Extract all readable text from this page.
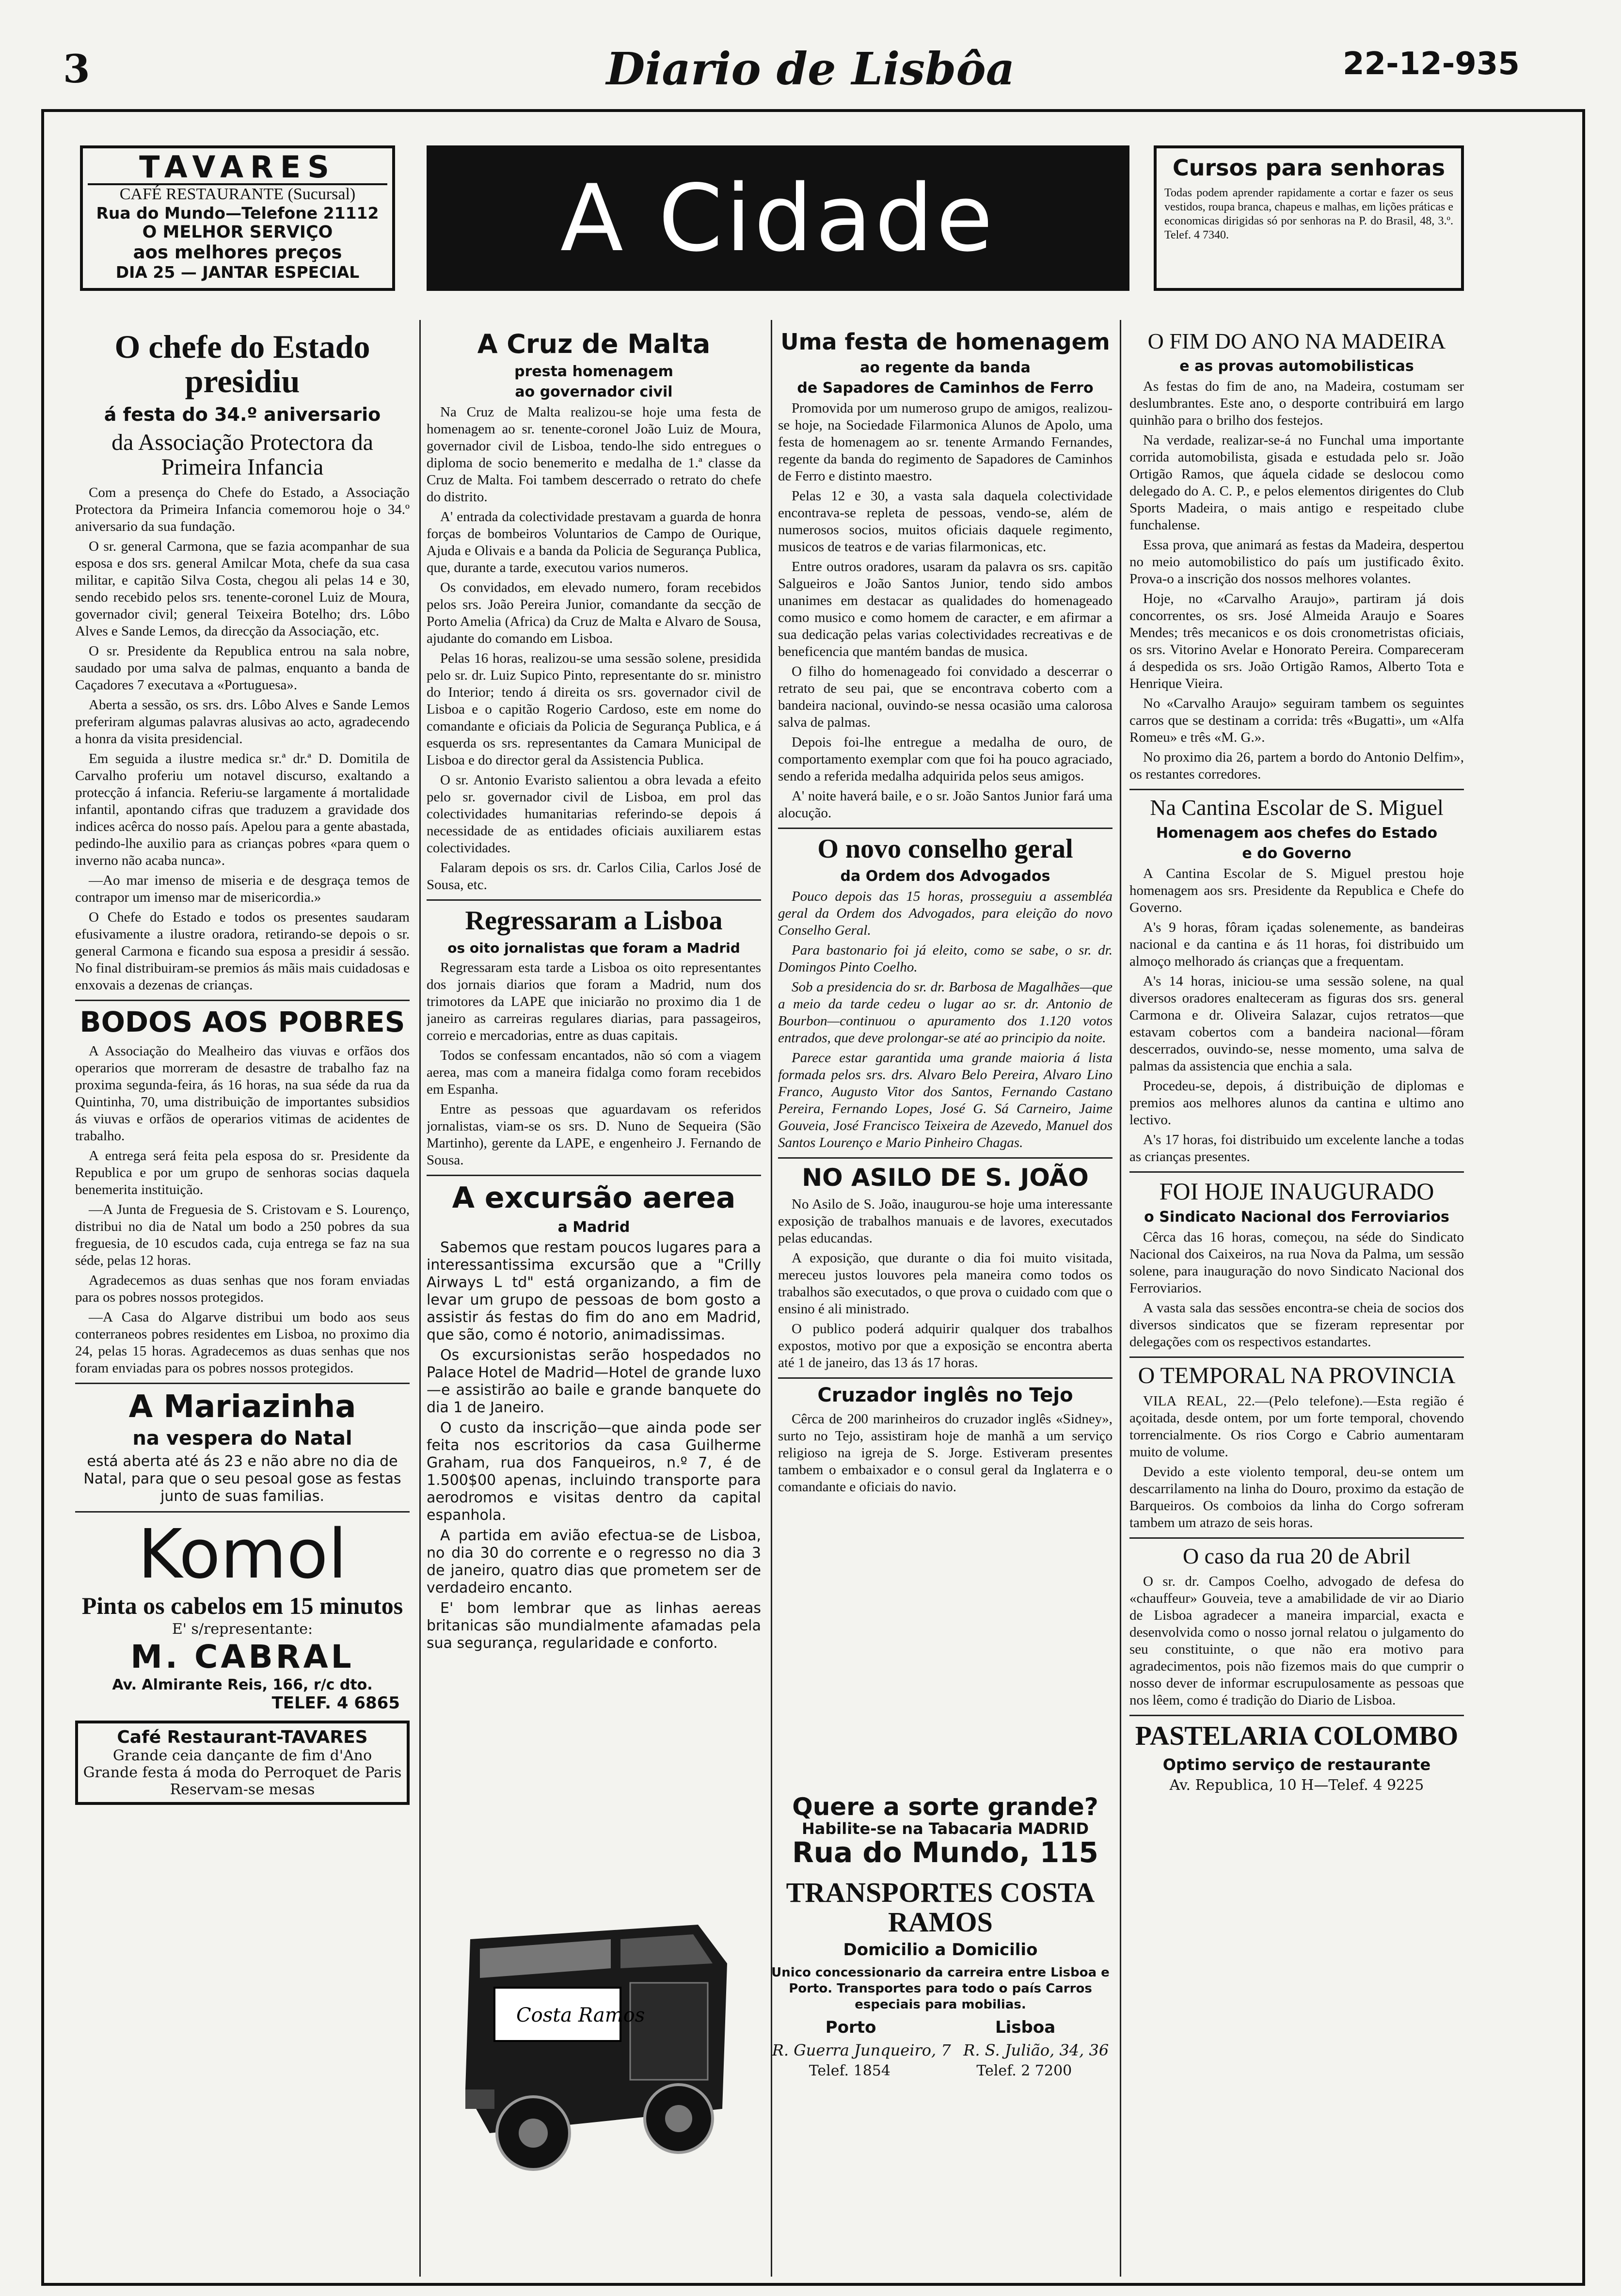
3	Diario de Lisbôa	22-12-935
TAVARES
CAFÉ RESTAURANTE (Sucursal)
Rua do Mundo—Telefone 21112
O MELHOR SERVIÇO
aos melhores preços
DIA 25 — JANTAR ESPECIAL
A Cidade	Cursos para senhoras
Todas podem aprender rapidamente a cortar e fazer os seus vestidos, roupa branca, chapeus e malhas, em lições práticas e economicas dirigidas só por senhoras na P. do Brasil, 48, 3.º. Telef. 4 7340.
O chefe do Estado presidiu
á festa do 34.º aniversario
da Associação Protectora da Primeira Infancia

Com a presença do Chefe do Estado, a Associação Protectora da Primeira Infancia comemorou hoje o 34.º aniversario da sua fundação.

O sr. general Carmona, que se fazia acompanhar de sua esposa e dos srs. general Amilcar Mota, chefe da sua casa militar, e capitão Silva Costa, chegou ali pelas 14 e 30, sendo recebido pelos srs. tenente-coronel Luiz de Moura, governador civil; general Teixeira Botelho; drs. Lôbo Alves e Sande Lemos, da direcção da Associação, etc.

O sr. Presidente da Republica entrou na sala nobre, saudado por uma salva de palmas, enquanto a banda de Caçadores 7 executava a «Portuguesa».

Aberta a sessão, os srs. drs. Lôbo Alves e Sande Lemos preferiram algumas palavras alusivas ao acto, agradecendo a honra da visita presidencial.

Em seguida a ilustre medica sr.ª dr.ª D. Domitila de Carvalho proferiu um notavel discurso, exaltando a protecção á infancia. Referiu-se largamente á mortalidade infantil, apontando cifras que traduzem a gravidade dos indices acêrca do nosso país. Apelou para a gente abastada, pedindo-lhe auxilio para as crianças pobres «para quem o inverno não acaba nunca».

—Ao mar imenso de miseria e de desgraça temos de contrapor um imenso mar de misericordia.»

O Chefe do Estado e todos os presentes saudaram efusivamente a ilustre oradora, retirando-se depois o sr. general Carmona e ficando sua esposa a presidir á sessão. No final distribuiram-se premios ás mãis mais cuidadosas e enxovais a dezenas de crianças.

BODOS AOS POBRES

A Associação do Mealheiro das viuvas e orfãos dos operarios que morreram de desastre de trabalho faz na proxima segunda-feira, ás 16 horas, na sua séde da rua da Quintinha, 70, uma distribuição de importantes subsidios ás viuvas e orfãos de operarios vitimas de acidentes de trabalho.

A entrega será feita pela esposa do sr. Presidente da Republica e por um grupo de senhoras socias daquela benemerita instituição.

—A Junta de Freguesia de S. Cristovam e S. Lourenço, distribui no dia de Natal um bodo a 250 pobres da sua freguesia, de 10 escudos cada, cuja entrega se faz na sua séde, pelas 12 horas.

Agradecemos as duas senhas que nos foram enviadas para os pobres nossos protegidos.

—A Casa do Algarve distribui um bodo aos seus conterraneos pobres residentes em Lisboa, no proximo dia 24, pelas 15 horas. Agradecemos as duas senhas que nos foram enviadas para os pobres nossos protegidos.

A Mariazinha
na vespera do Natal
está aberta até ás 23 e não abre no dia de Natal, para que o seu pesoal gose as festas junto de suas familias.
Komol
Pinta os cabelos em 15 minutos
E' s/representante:
M. CABRAL
Av. Almirante Reis, 166, r/c dto.
TELEF. 4 6865
Café Restaurant-TAVARES
Grande ceia dançante de fim d'Ano
Grande festa á moda do Perroquet de Paris
Reservam-se mesas
A Cruz de Malta
presta homenagem
ao governador civil

Na Cruz de Malta realizou-se hoje uma festa de homenagem ao sr. tenente-coronel João Luiz de Moura, governador civil de Lisboa, tendo-lhe sido entregues o diploma de socio benemerito e medalha de 1.ª classe da Cruz de Malta. Foi tambem descerrado o retrato do chefe do distrito.

A' entrada da colectividade prestavam a guarda de honra forças de bombeiros Voluntarios de Campo de Ourique, Ajuda e Olivais e a banda da Policia de Segurança Publica, que, durante a tarde, executou varios numeros.

Os convidados, em elevado numero, foram recebidos pelos srs. João Pereira Junior, comandante da secção de Porto Amelia (Africa) da Cruz de Malta e Alvaro de Sousa, ajudante do comando em Lisboa.

Pelas 16 horas, realizou-se uma sessão solene, presidida pelo sr. dr. Luiz Supico Pinto, representante do sr. ministro do Interior; tendo á direita os srs. governador civil de Lisboa e o capitão Rogerio Cardoso, este em nome do comandante e oficiais da Policia de Segurança Publica, e á esquerda os srs. representantes da Camara Municipal de Lisboa e do director geral da Assistencia Publica.

O sr. Antonio Evaristo salientou a obra levada a efeito pelo sr. governador civil de Lisboa, em prol das colectividades humanitarias referindo-se depois á necessidade de as entidades oficiais auxiliarem estas colectividades.

Falaram depois os srs. dr. Carlos Cilia, Carlos José de Sousa, etc.

Regressaram a Lisboa
os oito jornalistas que foram a Madrid

Regressaram esta tarde a Lisboa os oito representantes dos jornais diarios que foram a Madrid, num dos trimotores da LAPE que iniciarão no proximo dia 1 de janeiro as carreiras regulares diarias, para passageiros, correio e mercadorias, entre as duas capitais.

Todos se confessam encantados, não só com a viagem aerea, mas com a maneira fidalga como foram recebidos em Espanha.

Entre as pessoas que aguardavam os referidos jornalistas, viam-se os srs. D. Nuno de Sequeira (São Martinho), gerente da LAPE, e engenheiro J. Fernando de Sousa.

A excursão aerea
a Madrid

Sabemos que restam poucos lugares para a interessantissima excursão que a "Crilly Airways L td" está organizando, a fim de levar um grupo de pessoas de bom gosto a assistir ás festas do fim do ano em Madrid, que são, como é notorio, animadissimas.

Os excursionistas serão hospedados no Palace Hotel de Madrid—Hotel de grande luxo—e assistirão ao baile e grande banquete do dia 1 de Janeiro.

O custo da inscrição—que ainda pode ser feita nos escritorios da casa Guilherme Graham, rua dos Fanqueiros, n.º 7, é de 1.500$00 apenas, incluindo transporte para aerodromos e visitas dentro da capital espanhola.

A partida em avião efectua-se de Lisboa, no dia 30 do corrente e o regresso no dia 3 de janeiro, quatro dias que prometem ser de verdadeiro encanto.

E' bom lembrar que as linhas aereas britanicas são mundialmente afamadas pela sua segurança, regularidade e conforto.

Uma festa de homenagem
ao regente da banda
de Sapadores de Caminhos de Ferro

Promovida por um numeroso grupo de amigos, realizou-se hoje, na Sociedade Filarmonica Alunos de Apolo, uma festa de homenagem ao sr. tenente Armando Fernandes, regente da banda do regimento de Sapadores de Caminhos de Ferro e distinto maestro.

Pelas 12 e 30, a vasta sala daquela colectividade encontrava-se repleta de pessoas, vendo-se, além de numerosos socios, muitos oficiais daquele regimento, musicos de teatros e de varias filarmonicas, etc.

Entre outros oradores, usaram da palavra os srs. capitão Salgueiros e João Santos Junior, tendo sido ambos unanimes em destacar as qualidades do homenageado como musico e como homem de caracter, e em afirmar a sua dedicação pelas varias colectividades recreativas e de beneficencia que mantém bandas de musica.

O filho do homenageado foi convidado a descerrar o retrato de seu pai, que se encontrava coberto com a bandeira nacional, ouvindo-se nessa ocasião uma calorosa salva de palmas.

Depois foi-lhe entregue a medalha de ouro, de comportamento exemplar com que foi ha pouco agraciado, sendo a referida medalha adquirida pelos seus amigos.

A' noite haverá baile, e o sr. João Santos Junior fará uma alocução.

O novo conselho geral
da Ordem dos Advogados

Pouco depois das 15 horas, prosseguiu a assembléa geral da Ordem dos Advogados, para eleição do novo Conselho Geral.

Para bastonario foi já eleito, como se sabe, o sr. dr. Domingos Pinto Coelho.

Sob a presidencia do sr. dr. Barbosa de Magalhães—que a meio da tarde cedeu o lugar ao sr. dr. Antonio de Bourbon—continuou o apuramento dos 1.120 votos entrados, que deve prolongar-se até ao principio da noite.

Parece estar garantida uma grande maioria á lista formada pelos srs. drs. Alvaro Belo Pereira, Alvaro Lino Franco, Augusto Vitor dos Santos, Fernando Castano Pereira, Fernando Lopes, José G. Sá Carneiro, Jaime Gouveia, José Francisco Teixeira de Azevedo, Manuel dos Santos Lourenço e Mario Pinheiro Chagas.

NO ASILO DE S. JOÃO

No Asilo de S. João, inaugurou-se hoje uma interessante exposição de trabalhos manuais e de lavores, executados pelas educandas.

A exposição, que durante o dia foi muito visitada, mereceu justos louvores pela maneira como todos os trabalhos são executados, o que prova o cuidado com que o ensino é ali ministrado.

O publico poderá adquirir qualquer dos trabalhos expostos, motivo por que a exposição se encontra aberta até 1 de janeiro, das 13 ás 17 horas.

Cruzador inglês no Tejo

Cêrca de 200 marinheiros do cruzador inglês «Sidney», surto no Tejo, assistiram hoje de manhã a um serviço religioso na igreja de S. Jorge. Estiveram presentes tambem o embaixador e o consul geral da Inglaterra e o comandante e oficiais do navio.

Quere a sorte grande?
Habilite-se na Tabacaria MADRID
Rua do Mundo, 115
Costa Ramos
TRANSPORTES COSTA RAMOS
Domicilio a Domicilio
Unico concessionario da carreira entre Lisboa e Porto. Transportes para todo o país Carros especiais para mobilias.
Porto	Lisboa
R. Guerra Junqueiro, 7 R. S. Julião, 34, 36
Telef. 1854	Telef. 2 7200
O FIM DO ANO NA MADEIRA
e as provas automobilisticas

As festas do fim de ano, na Madeira, costumam ser deslumbrantes. Este ano, o desporte contribuirá em largo quinhão para o brilho dos festejos.

Na verdade, realizar-se-á no Funchal uma importante corrida automobilista, gisada e estudada pelo sr. João Ortigão Ramos, que áquela cidade se deslocou como delegado do A. C. P., e pelos elementos dirigentes do Club Sports Madeira, o mais antigo e respeitado clube funchalense.

Essa prova, que animará as festas da Madeira, despertou no meio automobilistico do país um justificado êxito. Prova-o a inscrição dos nossos melhores volantes.

Hoje, no «Carvalho Araujo», partiram já dois concorrentes, os srs. José Almeida Araujo e Soares Mendes; três mecanicos e os dois cronometristas oficiais, os srs. Vitorino Avelar e Honorato Pereira. Compareceram á despedida os srs. João Ortigão Ramos, Alberto Tota e Henrique Vieira.

No «Carvalho Araujo» seguiram tambem os seguintes carros que se destinam a corrida: três «Bugatti», um «Alfa Romeu» e três «M. G.».

No proximo dia 26, partem a bordo do Antonio Delfim», os restantes corredores.

Na Cantina Escolar de S. Miguel
Homenagem aos chefes do Estado
e do Governo

A Cantina Escolar de S. Miguel prestou hoje homenagem aos srs. Presidente da Republica e Chefe do Governo.

A's 9 horas, fôram içadas solenemente, as bandeiras nacional e da cantina e ás 11 horas, foi distribuido um almoço melhorado ás crianças que a frequentam.

A's 14 horas, iniciou-se uma sessão solene, na qual diversos oradores enalteceram as figuras dos srs. general Carmona e dr. Oliveira Salazar, cujos retratos—que estavam cobertos com a bandeira nacional—fôram descerrados, ouvindo-se, nesse momento, uma salva de palmas da assistencia que enchia a sala.

Procedeu-se, depois, á distribuição de diplomas e premios aos melhores alunos da cantina e ultimo ano lectivo.

A's 17 horas, foi distribuido um excelente lanche a todas as crianças presentes.

FOI HOJE INAUGURADO
o Sindicato Nacional dos Ferroviarios

Cêrca das 16 horas, começou, na séde do Sindicato Nacional dos Caixeiros, na rua Nova da Palma, um sessão solene, para inauguração do novo Sindicato Nacional dos Ferroviarios.

A vasta sala das sessões encontra-se cheia de socios dos diversos sindicatos que se fizeram representar por delegações com os respectivos estandartes.

O TEMPORAL NA PROVINCIA

VILA REAL, 22.—(Pelo telefone).—Esta região é açoitada, desde ontem, por um forte temporal, chovendo torrencialmente. Os rios Corgo e Cabrio aumentaram muito de volume.

Devido a este violento temporal, deu-se ontem um descarrilamento na linha do Douro, proximo da estação de Barqueiros. Os comboios da linha do Corgo sofreram tambem um atrazo de seis horas.

O caso da rua 20 de Abril

O sr. dr. Campos Coelho, advogado de defesa do «chauffeur» Gouveia, teve a amabilidade de vir ao Diario de Lisboa agradecer a maneira imparcial, exacta e desenvolvida como o nosso jornal relatou o julgamento do seu constituinte, o que não era motivo para agradecimentos, pois não fizemos mais do que cumprir o nosso dever de informar escrupulosamente as pessoas que nos lêem, como é tradição do Diario de Lisboa.

PASTELARIA COLOMBO
Optimo serviço de restaurante
Av. Republica, 10 H—Telef. 4 9225
